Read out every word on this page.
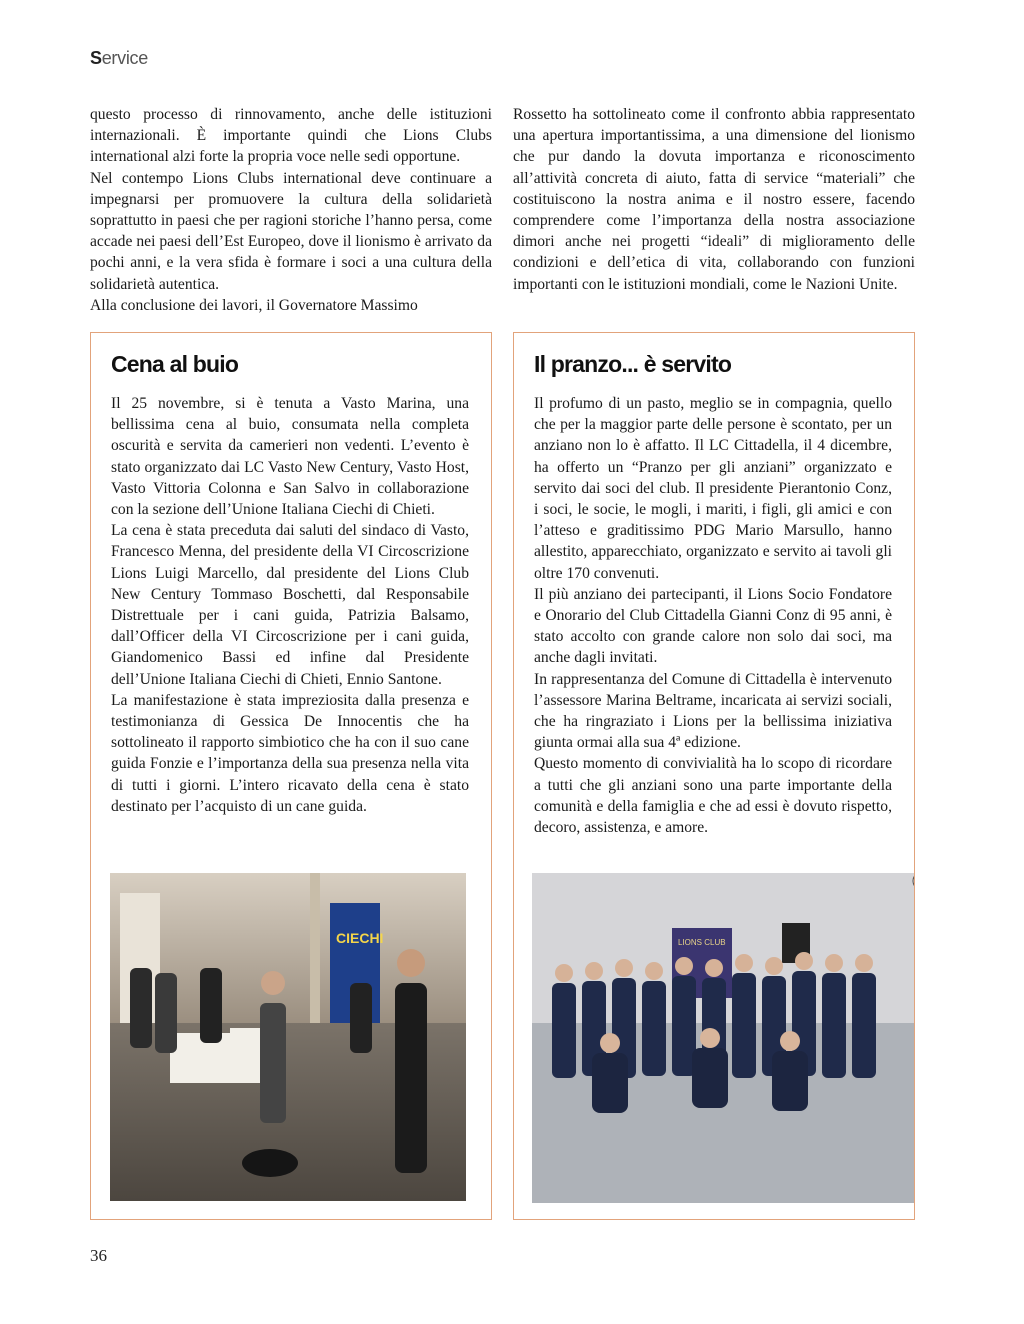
Service

questo processo di rinnovamento, anche delle istituzioni internazionali. È importante quindi che Lions Clubs international alzi forte la propria voce nelle sedi opportune.

Nel contempo Lions Clubs international deve continuare a impegnarsi per promuovere la cultura della solidarietà soprattutto in paesi che per ragioni storiche l’hanno persa, come accade nei paesi dell’Est Europeo, dove il lionismo è arrivato da pochi anni, e la vera sfida è formare i soci a una cultura della solidarietà autentica.

Alla conclusione dei lavori, il Governatore Massimo

Rossetto ha sottolineato come il confronto abbia rappresentato una apertura importantissima, a una dimensione del lionismo che pur dando la dovuta importanza e riconoscimento all’attività concreta di aiuto, fatta di service “materiali” che costituiscono la nostra anima e il nostro essere, facendo comprendere come l’importanza della nostra associazione dimori anche nei progetti “ideali” di miglioramento delle condizioni e dell’etica di vita, collaborando con funzioni importanti con le istituzioni mondiali, come le Nazioni Unite.

Cena al buio

Il 25 novembre, si è tenuta a Vasto Marina, una bellissima cena al buio, consumata nella completa oscurità e servita da camerieri non vedenti. L’evento è stato organizzato dai LC Vasto New Century, Vasto Host, Vasto Vittoria Colonna e San Salvo in collaborazione con la sezione dell’Unione Italiana Ciechi di Chieti.

La cena è stata preceduta dai saluti del sindaco di Vasto, Francesco Menna, del presidente della VI Circoscrizione Lions Luigi Marcello, dal presidente del Lions Club New Century Tommaso Boschetti, dal Responsabile Distrettuale per i cani guida, Patrizia Balsamo, dall’Officer della VI Circoscrizione per i cani guida, Giandomenico Bassi ed infine dal Presidente dell’Unione Italiana Ciechi di Chieti, Ennio Santone.

La manifestazione è stata impreziosita dalla presenza e testimonianza di Gessica De Innocentis che ha sottolineato il rapporto simbiotico che ha con il suo cane guida Fonzie e l’importanza della sua presenza nella vita di tutti i giorni. L’intero ricavato della cena è stato destinato per l’acquisto di un cane guida.

CIECHI
Il pranzo... è servito

Il profumo di un pasto, meglio se in compagnia, quello che per la maggior parte delle persone è scontato, per un anziano non lo è affatto. Il LC Cittadella, il 4 dicembre, ha offerto un “Pranzo per gli anziani” organizzato e servito dai soci del club. Il presidente Pierantonio Conz, i soci, le socie, le mogli, i mariti, i figli, gli amici e con l’atteso e graditissimo PDG Mario Marsullo, hanno allestito, apparecchiato, organizzato e servito ai tavoli gli oltre 170 convenuti.

Il più anziano dei partecipanti, il Lions Socio Fondatore e Onorario del Club Cittadella Gianni Conz di 95 anni, è stato accolto con grande calore non solo dai soci, ma anche dagli invitati.

In rappresentanza del Comune di Cittadella è intervenuto l’assessore Marina Beltrame, incaricata ai servizi sociali, che ha ringraziato i Lions per la bellissima iniziativa giunta ormai alla sua 4ª edizione.

Questo momento di convivialità ha lo scopo di ricordare a tutti che gli anziani sono una parte importante della comunità e della famiglia e che ad essi è dovuto rispetto, decoro, assistenza, e amore.

LIONS CLUB
36
